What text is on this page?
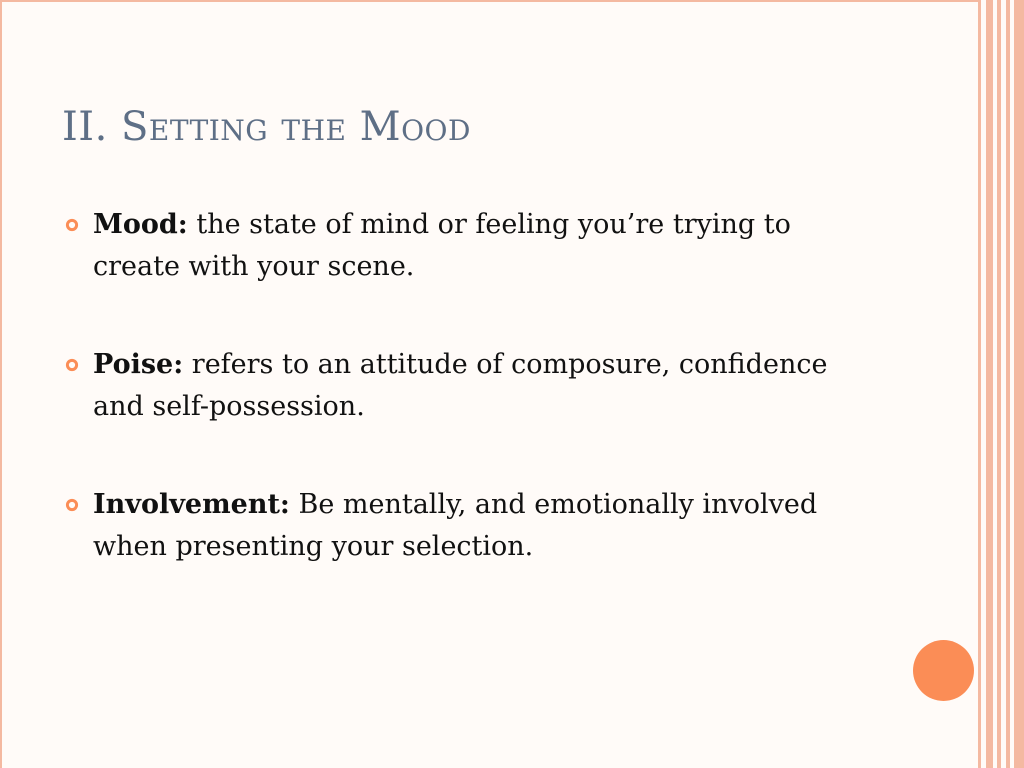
II. Setting the Mood
Mood: the state of mind or feeling you’re trying to create with your scene.
Poise: refers to an attitude of composure, confidence and self-possession.
Involvement: Be mentally, and emotionally involved when presenting your selection.
